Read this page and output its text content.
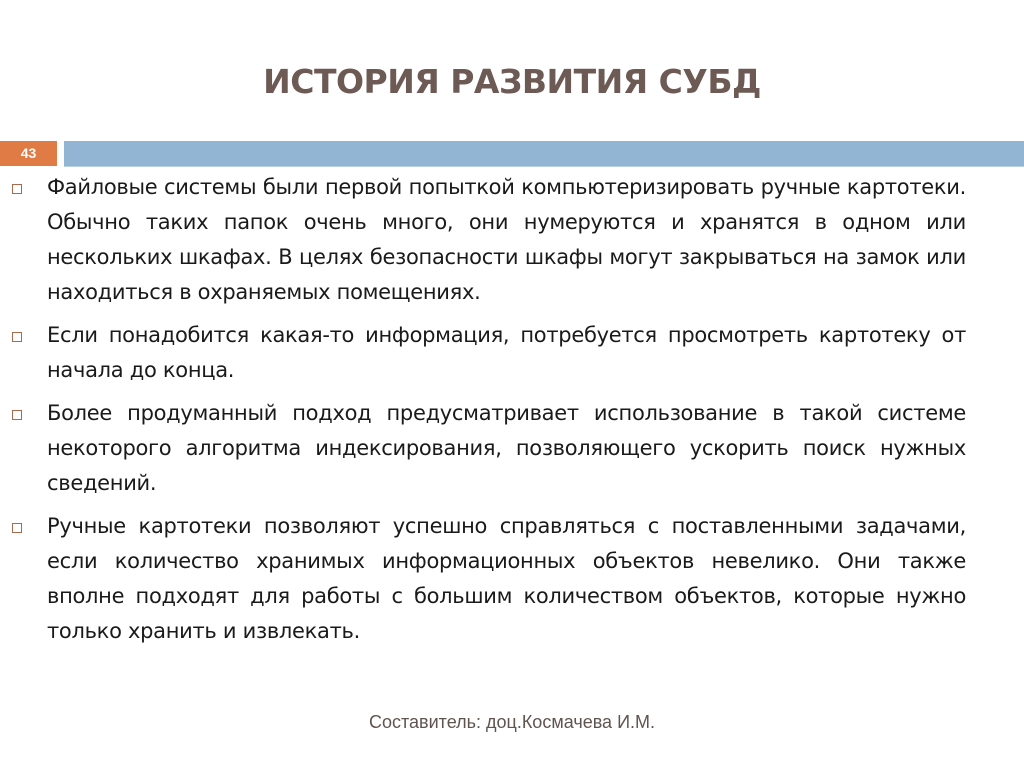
ИСТОРИЯ РАЗВИТИЯ СУБД
43

Файловые системы были первой попыткой компьютеризировать ручные картотеки. Обычно таких папок очень много, они нумеруются и хранятся в одном или нескольких шкафах. В целях безопасности шкафы могут закрываться на замок или находиться в охраняемых помещениях.

Если понадобится какая-то информация, потребуется просмотреть картотеку от начала до конца.

Более продуманный подход предусматривает использование в такой системе некоторого алгоритма индексирования, позволяющего ускорить поиск нужных сведений.

Ручные картотеки позволяют успешно справляться с поставленными задачами, если количество хранимых информационных объектов невелико. Они также вполне подходят для работы с большим количеством объектов, которые нужно только хранить и извлекать.

Составитель: доц.Космачева И.М.
